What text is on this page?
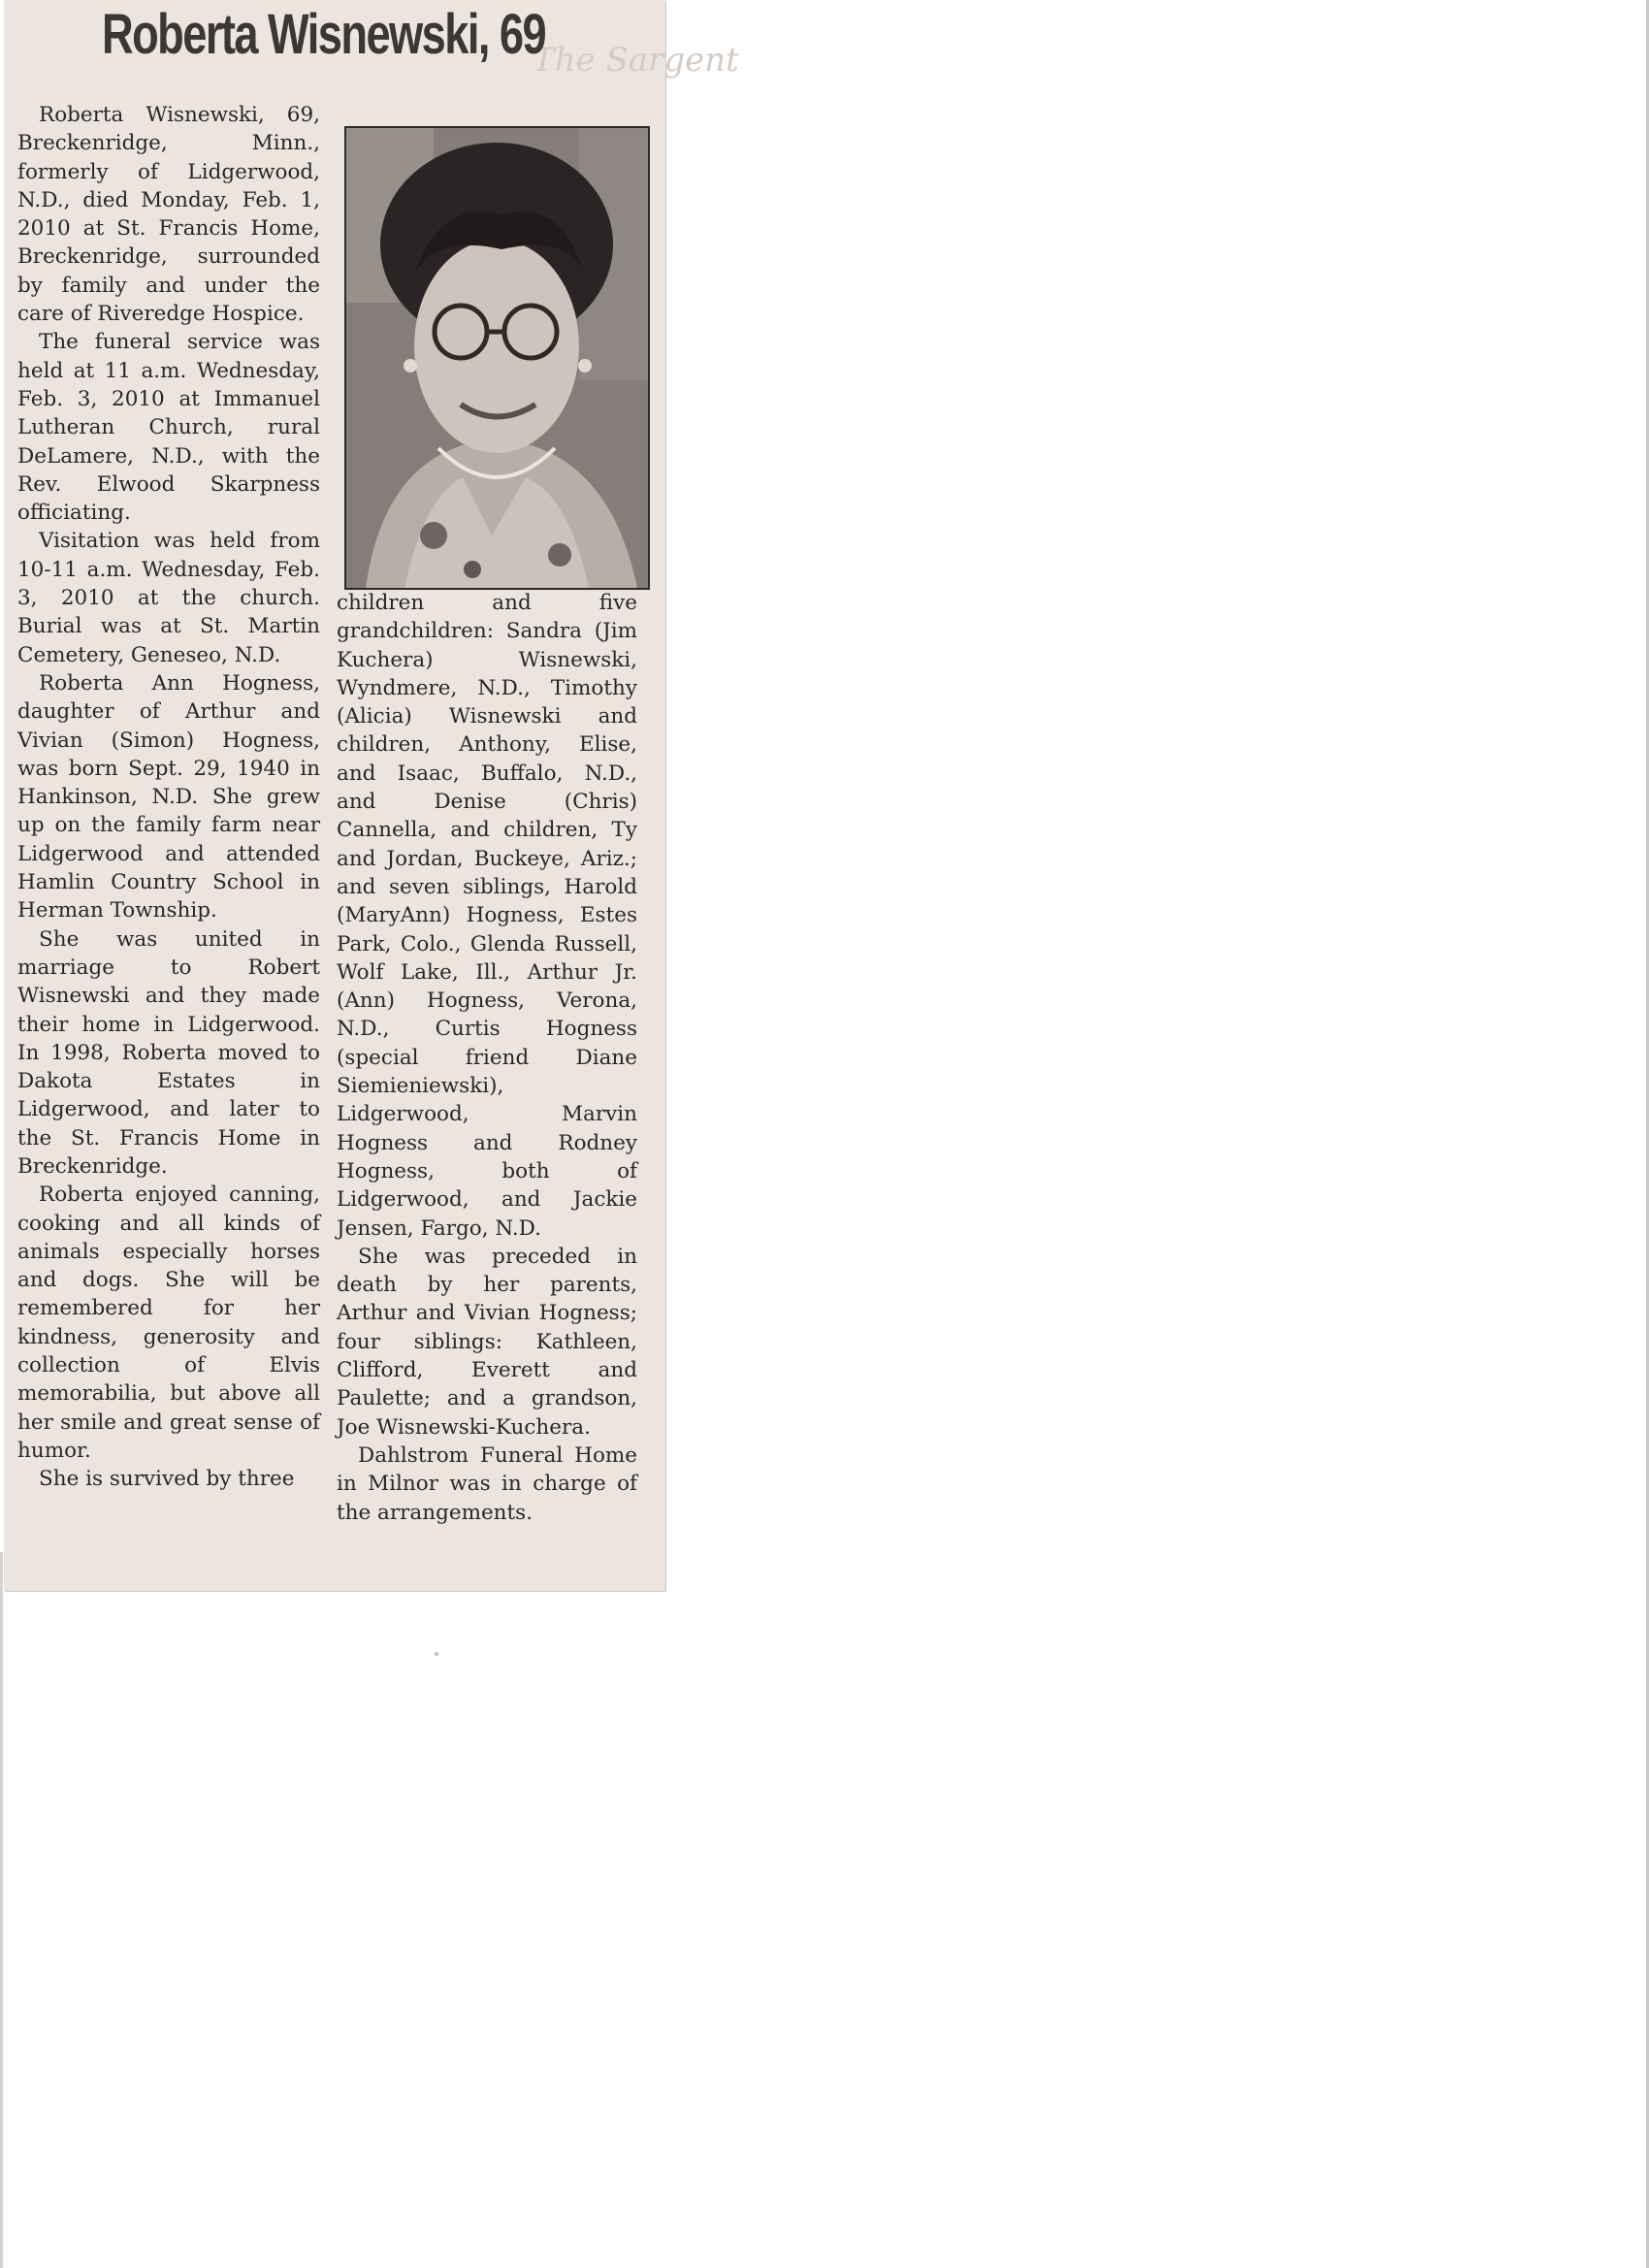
The Sargent
Roberta Wisnewski, 69

Roberta Wisnewski, 69, Breckenridge, Minn., formerly of Lidgerwood, N.D., died Monday, Feb. 1, 2010 at St. Francis Home, Breckenridge, surrounded by family and under the care of Riveredge Hospice.

The funeral service was held at 11 a.m. Wednesday, Feb. 3, 2010 at Immanuel Lutheran Church, rural DeLamere, N.D., with the Rev. Elwood Skarpness officiating.

Visitation was held from 10-11 a.m. Wednesday, Feb. 3, 2010 at the church. Burial was at St. Martin Cemetery, Geneseo, N.D.

Roberta Ann Hogness, daughter of Arthur and Vivian (Simon) Hogness, was born Sept. 29, 1940 in Hankinson, N.D. She grew up on the family farm near Lidgerwood and attended Hamlin Country School in Herman Township.

She was united in marriage to Robert Wisnewski and they made their home in Lidgerwood. In 1998, Roberta moved to Dakota Estates in Lidgerwood, and later to the St. Francis Home in Breckenridge.

Roberta enjoyed canning, cooking and all kinds of animals especially horses and dogs. She will be remembered for her kindness, generosity and collection of Elvis memorabilia, but above all her smile and great sense of humor.

She is survived by three

children and five grandchildren: Sandra (Jim Kuchera) Wisnewski, Wyndmere, N.D., Timothy (Alicia) Wisnewski and children, Anthony, Elise, and Isaac, Buffalo, N.D., and Denise (Chris) Cannella, and children, Ty and Jordan, Buckeye, Ariz.; and seven siblings, Harold (MaryAnn) Hogness, Estes Park, Colo., Glenda Russell, Wolf Lake, Ill., Arthur Jr. (Ann) Hogness, Verona, N.D., Curtis Hogness (special friend Diane Siemieniewski), Lidgerwood, Marvin Hogness and Rodney Hogness, both of Lidgerwood, and Jackie Jensen, Fargo, N.D.

She was preceded in death by her parents, Arthur and Vivian Hogness; four siblings: Kathleen, Clifford, Everett and Paulette; and a grandson, Joe Wisnewski-Kuchera.

Dahlstrom Funeral Home in Milnor was in charge of the arrangements.
